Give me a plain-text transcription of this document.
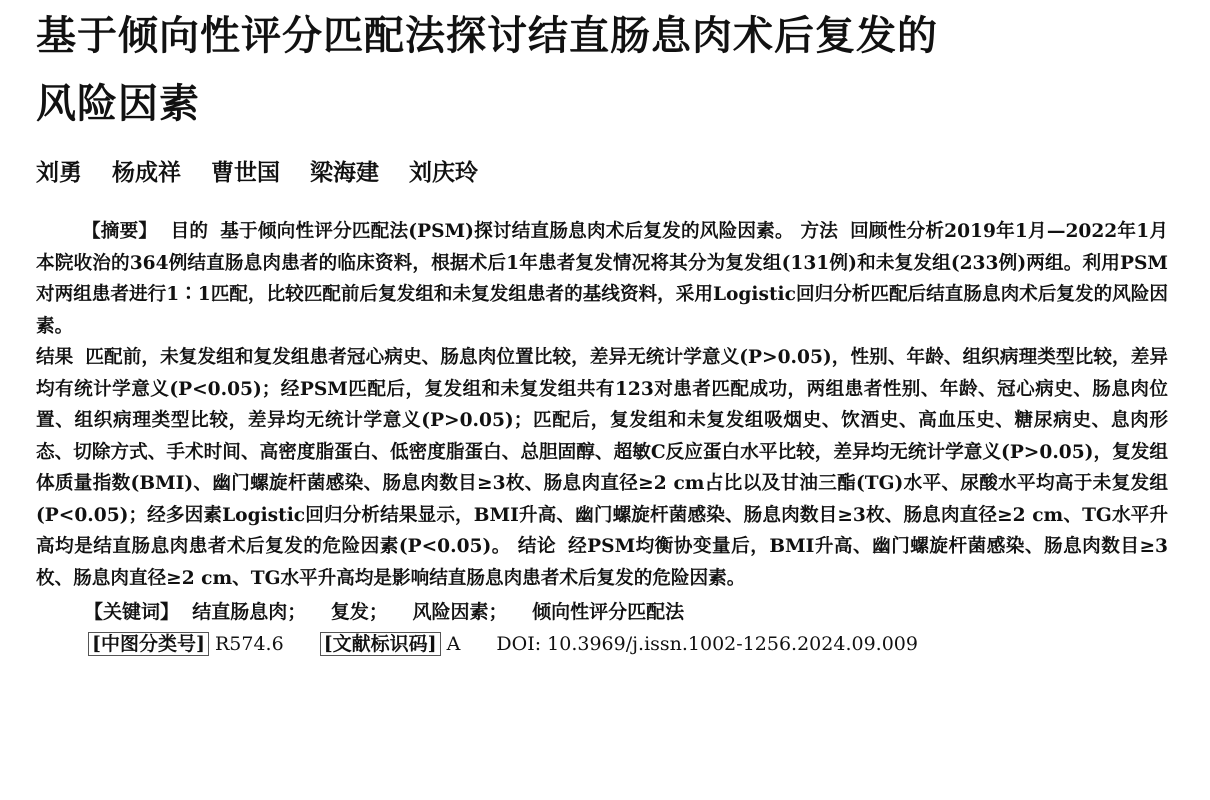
基于倾向性评分匹配法探讨结直肠息肉术后复发的
风险因素
刘勇 杨成祥 曹世国 梁海建 刘庆玲

【摘要】 目的 基于倾向性评分匹配法(PSM)探讨结直肠息肉术后复发的风险因素。 方法 回顾性分析2019年1月—2022年1月本院收治的364例结直肠息肉患者的临床资料，根据术后1年患者复发情况将其分为复发组(131例)和未复发组(233例)两组。利用PSM对两组患者进行1∶1匹配，比较匹配前后复发组和未复发组患者的基线资料，采用Logistic回归分析匹配后结直肠息肉术后复发的风险因素。
结果 匹配前，未复发组和复发组患者冠心病史、肠息肉位置比较，差异无统计学意义(P>0.05)，性别、年龄、组织病理类型比较，差异均有统计学意义(P<0.05)；经PSM匹配后，复发组和未复发组共有123对患者匹配成功，两组患者性别、年龄、冠心病史、肠息肉位置、组织病理类型比较，差异均无统计学意义(P>0.05)；匹配后，复发组和未复发组吸烟史、饮酒史、高血压史、糖尿病史、息肉形态、切除方式、手术时间、高密度脂蛋白、低密度脂蛋白、总胆固醇、超敏C反应蛋白水平比较，差异均无统计学意义(P>0.05)，复发组体质量指数(BMI)、幽门螺旋杆菌感染、肠息肉数目≥3枚、肠息肉直径≥2 cm占比以及甘油三酯(TG)水平、尿酸水平均高于未复发组(P<0.05)；经多因素Logistic回归分析结果显示，BMI升高、幽门螺旋杆菌感染、肠息肉数目≥3枚、肠息肉直径≥2 cm、TG水平升高均是结直肠息肉患者术后复发的危险因素(P<0.05)。 结论 经PSM均衡协变量后，BMI升高、幽门螺旋杆菌感染、肠息肉数目≥3枚、肠息肉直径≥2 cm、TG水平升高均是影响结直肠息肉患者术后复发的危险因素。

【关键词】 结直肠息肉； 复发； 风险因素； 倾向性评分匹配法
[中图分类号] R574.6 [文献标识码] A DOI: 10.3969/j.issn.1002-1256.2024.09.009
